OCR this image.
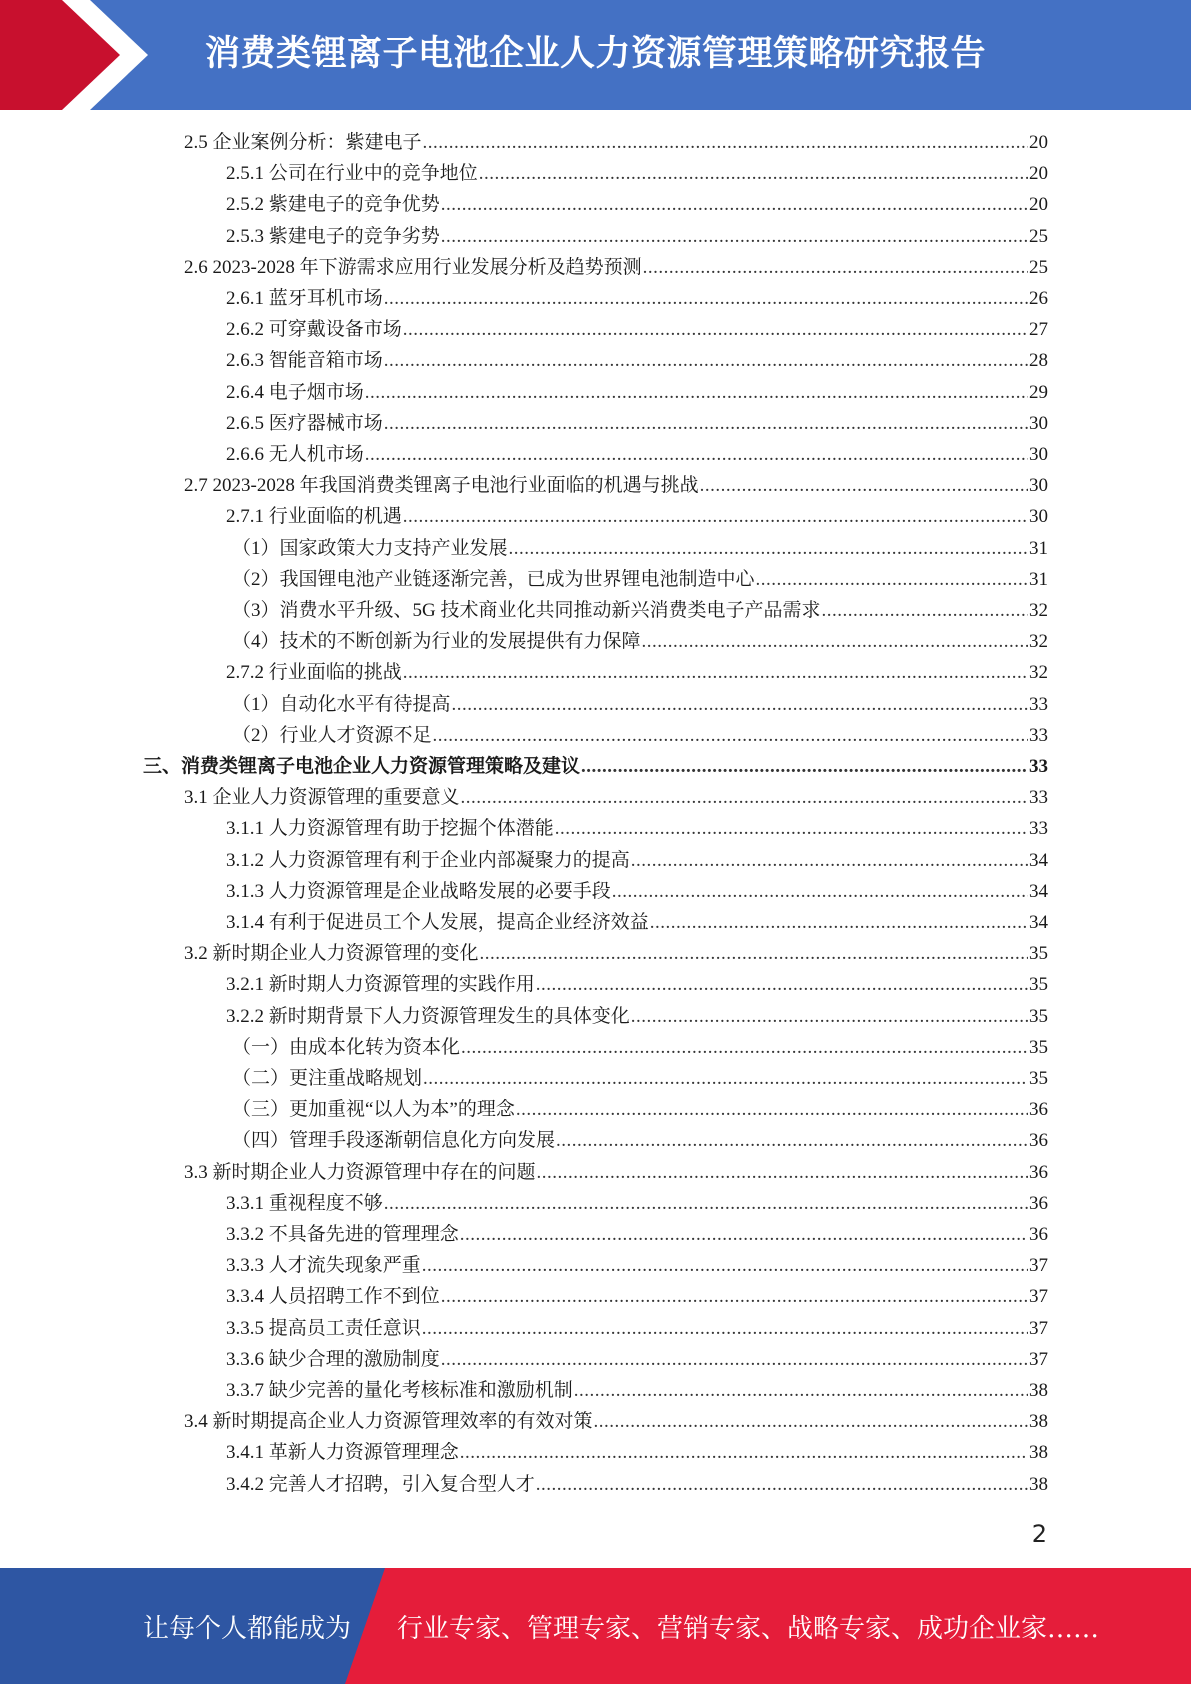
消费类锂离子电池企业人力资源管理策略研究报告
2.5 企业案例分析：紫建电子 .....	20
2.5.1 公司在行业中的竞争地位 .....	20
2.5.2 紫建电子的竞争优势 .....	20
2.5.3 紫建电子的竞争劣势 .....	25
2.6 2023-2028 年下游需求应用行业发展分析及趋势预测 .....	25
2.6.1 蓝牙耳机市场 .....	26
2.6.2 可穿戴设备市场 .....	27
2.6.3 智能音箱市场 .....	28
2.6.4 电子烟市场 .....	29
2.6.5 医疗器械市场 .....	30
2.6.6 无人机市场 .....	30
2.7 2023-2028 年我国消费类锂离子电池行业面临的机遇与挑战 .....	30
2.7.1 行业面临的机遇 .....	30
（1）国家政策大力支持产业发展 .....	31
（2）我国锂电池产业链逐渐完善，已成为世界锂电池制造中心 .....	31
（3）消费水平升级、5G 技术商业化共同推动新兴消费类电子产品需求 .....	32
（4）技术的不断创新为行业的发展提供有力保障 .....	32
2.7.2 行业面临的挑战 .....	32
（1）自动化水平有待提高 .....	33
（2）行业人才资源不足 .....	33
三、消费类锂离子电池企业人力资源管理策略及建议 .....	33
3.1 企业人力资源管理的重要意义 .....	33
3.1.1 人力资源管理有助于挖掘个体潜能 .....	33
3.1.2 人力资源管理有利于企业内部凝聚力的提高 .....	34
3.1.3 人力资源管理是企业战略发展的必要手段 .....	34
3.1.4 有利于促进员工个人发展，提高企业经济效益 .....	34
3.2 新时期企业人力资源管理的变化 .....	35
3.2.1 新时期人力资源管理的实践作用 .....	35
3.2.2 新时期背景下人力资源管理发生的具体变化 .....	35
（一）由成本化转为资本化 .....	35
（二）更注重战略规划 .....	35
（三）更加重视“以人为本”的理念 .....	36
（四）管理手段逐渐朝信息化方向发展 .....	36
3.3 新时期企业人力资源管理中存在的问题 .....	36
3.3.1 重视程度不够 .....	36
3.3.2 不具备先进的管理理念 .....	36
3.3.3 人才流失现象严重 .....	37
3.3.4 人员招聘工作不到位 .....	37
3.3.5 提高员工责任意识 .....	37
3.3.6 缺少合理的激励制度 .....	37
3.3.7 缺少完善的量化考核标准和激励机制 .....	38
3.4 新时期提高企业人力资源管理效率的有效对策 .....	38
3.4.1 革新人力资源管理理念 .....	38
3.4.2 完善人才招聘，引入复合型人才 .....	38
2
让每个人都能成为 行业专家、管理专家、营销专家、战略专家、成功企业家……
